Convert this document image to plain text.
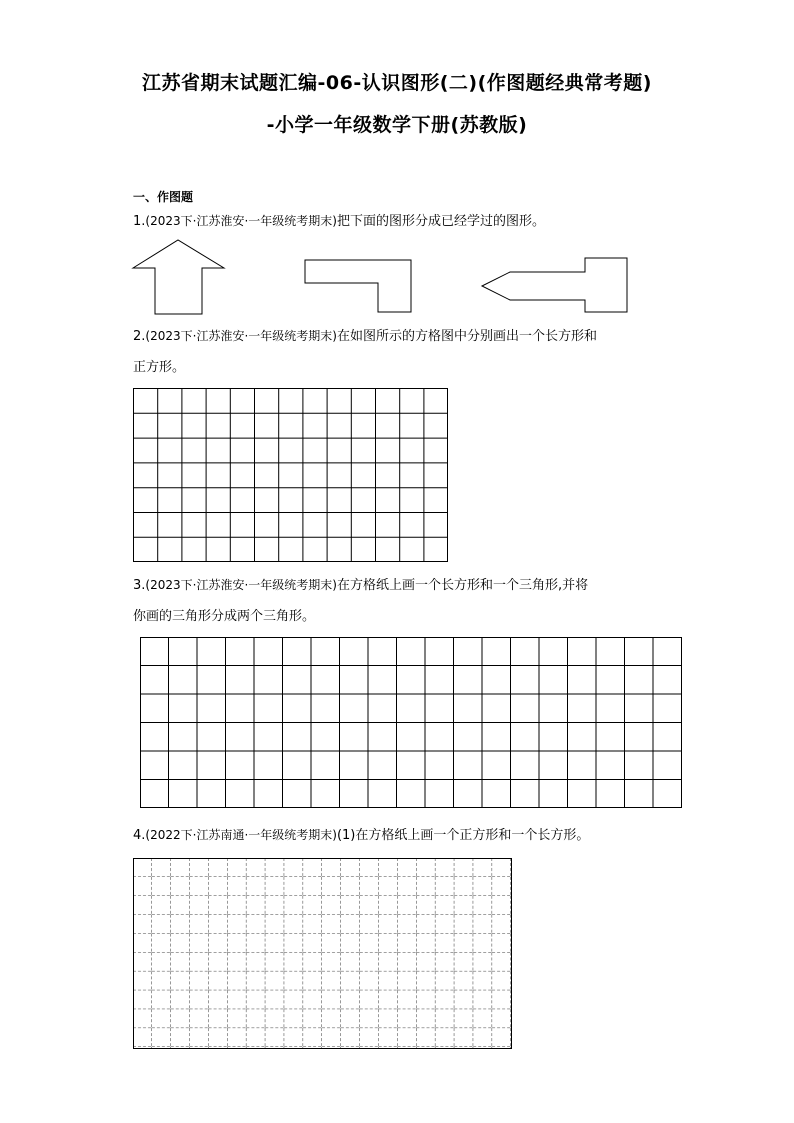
江苏省期末试题汇编-06-认识图形(二)(作图题经典常考题)
-小学一年级数学下册(苏教版)
一、作图题
1.(2023下·江苏淮安·一年级统考期末)把下面的图形分成已经学过的图形。
2.(2023下·江苏淮安·一年级统考期末)在如图所示的方格图中分别画出一个长方形和
正方形。
3.(2023下·江苏淮安·一年级统考期末)在方格纸上画一个长方形和一个三角形,并将
你画的三角形分成两个三角形。
4.(2022下·江苏南通·一年级统考期末)(1)在方格纸上画一个正方形和一个长方形。
